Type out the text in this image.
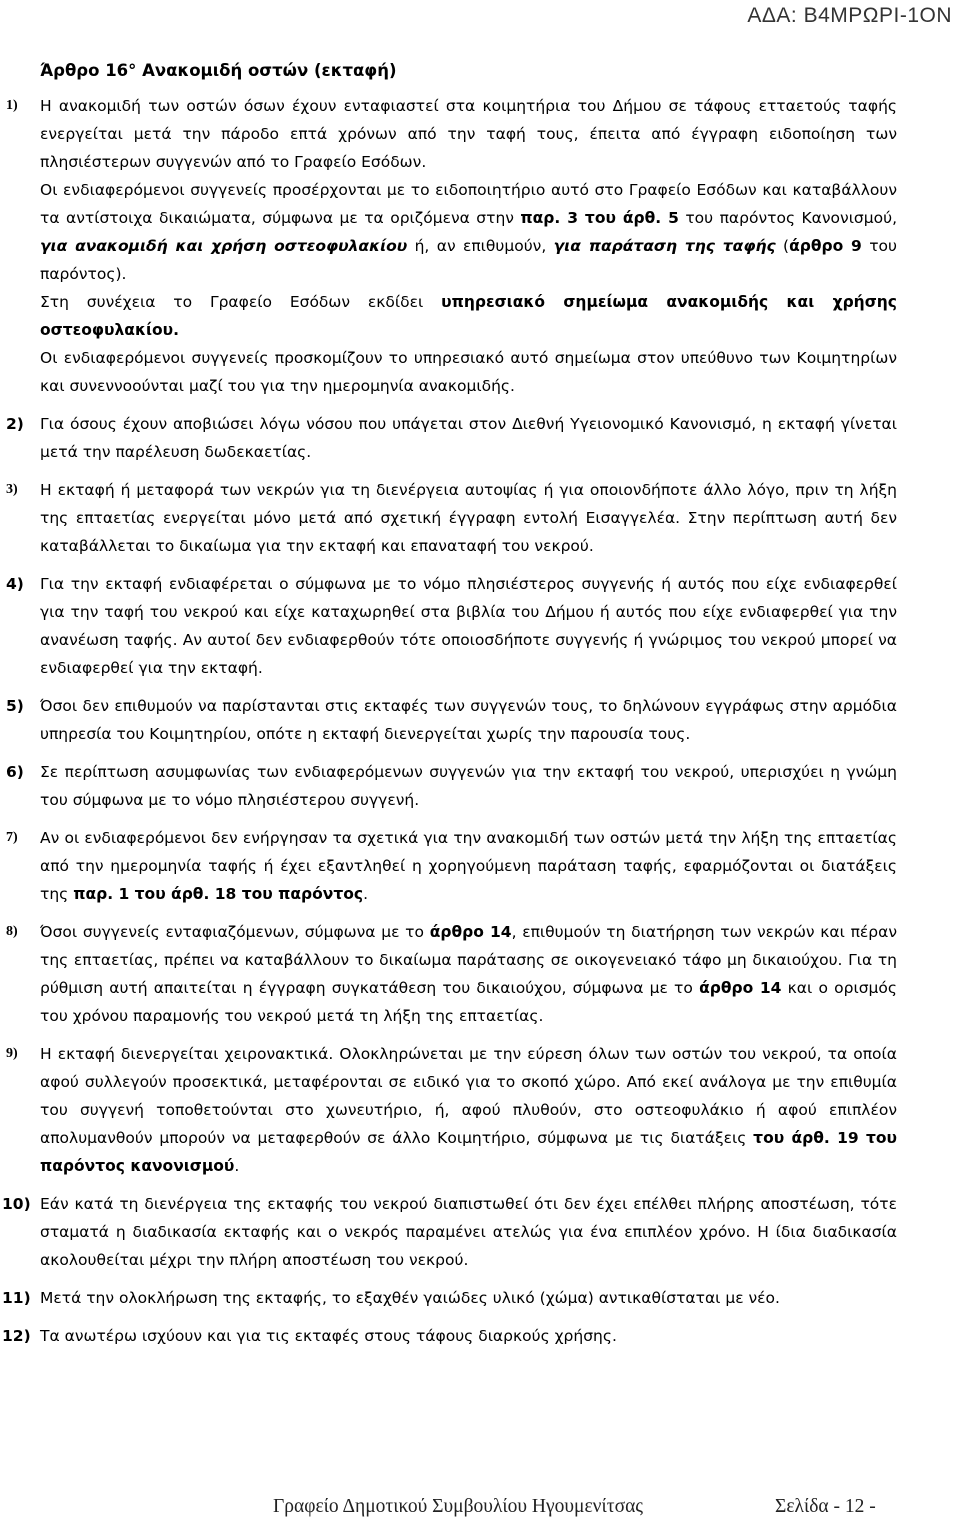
ΑΔΑ: Β4ΜΡΩΡΙ-1ΟΝ
Άρθρο 16° Ανακομιδή οστών (εκταφή)
1) Η ανακομιδή των οστών όσων έχουν ενταφιαστεί στα κοιμητήρια του Δήμου σε τάφους ετταετούς ταφής ενεργείται μετά την πάροδο επτά χρόνων από την ταφή τους, έπειτα από έγγραφη ειδοποίηση των πλησιέστερων συγγενών από το Γραφείο Εσόδων.

Οι ενδιαφερόμενοι συγγενείς προσέρχονται με το ειδοποιητήριο αυτό στο Γραφείο Εσόδων και καταβάλλουν τα αντίστοιχα δικαιώματα, σύμφωνα με τα οριζόμενα στην παρ. 3 του άρθ. 5 του παρόντος Κανονισμού, για ανακομιδή και χρήση οστεοφυλακίου ή, αν επιθυμούν, για παράταση της ταφής (άρθρο 9 του παρόντος).

Στη συνέχεια το Γραφείο Εσόδων εκδίδει υπηρεσιακό σημείωμα ανακομιδής και χρήσης οστεοφυλακίου.

Οι ενδιαφερόμενοι συγγενείς προσκομίζουν το υπηρεσιακό αυτό σημείωμα στον υπεύθυνο των Κοιμητηρίων και συνεννοούνται μαζί του για την ημερομηνία ανακομιδής.

2) Για όσους έχουν αποβιώσει λόγω νόσου που υπάγεται στον Διεθνή Υγειονομικό Κανονισμό, η εκταφή γίνεται μετά την παρέλευση δωδεκαετίας.

3) Η εκταφή ή μεταφορά των νεκρών για τη διενέργεια αυτοψίας ή για οποιονδήποτε άλλο λόγο, πριν τη λήξη της επταετίας ενεργείται μόνο μετά από σχετική έγγραφη εντολή Εισαγγελέα. Στην περίπτωση αυτή δεν καταβάλλεται το δικαίωμα για την εκταφή και επαναταφή του νεκρού.

4) Για την εκταφή ενδιαφέρεται ο σύμφωνα με το νόμο πλησιέστερος συγγενής ή αυτός που είχε ενδιαφερθεί για την ταφή του νεκρού και είχε καταχωρηθεί στα βιβλία του Δήμου ή αυτός που είχε ενδιαφερθεί για την ανανέωση ταφής. Αν αυτοί δεν ενδιαφερθούν τότε οποιοσδήποτε συγγενής ή γνώριμος του νεκρού μπορεί να ενδιαφερθεί για την εκταφή.

5) Όσοι δεν επιθυμούν να παρίστανται στις εκταφές των συγγενών τους, το δηλώνουν εγγράφως στην αρμόδια υπηρεσία του Κοιμητηρίου, οπότε η εκταφή διενεργείται χωρίς την παρουσία τους.

6) Σε περίπτωση ασυμφωνίας των ενδιαφερόμενων συγγενών για την εκταφή του νεκρού, υπερισχύει η γνώμη του σύμφωνα με το νόμο πλησιέστερου συγγενή.

7) Αν οι ενδιαφερόμενοι δεν ενήργησαν τα σχετικά για την ανακομιδή των οστών μετά την λήξη της επταετίας από την ημερομηνία ταφής ή έχει εξαντληθεί η χορηγούμενη παράταση ταφής, εφαρμόζονται οι διατάξεις της παρ. 1 του άρθ. 18 του παρόντος.

8) Όσοι συγγενείς ενταφιαζόμενων, σύμφωνα με το άρθρο 14, επιθυμούν τη διατήρηση των νεκρών και πέραν της επταετίας, πρέπει να καταβάλλουν το δικαίωμα παράτασης σε οικογενειακό τάφο μη δικαιούχου. Για τη ρύθμιση αυτή απαιτείται η έγγραφη συγκατάθεση του δικαιούχου, σύμφωνα με το άρθρο 14 και ο ορισμός του χρόνου παραμονής του νεκρού μετά τη λήξη της επταετίας.

9) Η εκταφή διενεργείται χειρονακτικά. Ολοκληρώνεται με την εύρεση όλων των οστών του νεκρού, τα οποία αφού συλλεγούν προσεκτικά, μεταφέρονται σε ειδικό για το σκοπό χώρο. Από εκεί ανάλογα με την επιθυμία του συγγενή τοποθετούνται στο χωνευτήριο, ή, αφού πλυθούν, στο οστεοφυλάκιο ή αφού επιπλέον απολυμανθούν μπορούν να μεταφερθούν σε άλλο Κοιμητήριο, σύμφωνα με τις διατάξεις του άρθ. 19 του παρόντος κανονισμού.

10) Εάν κατά τη διενέργεια της εκταφής του νεκρού διαπιστωθεί ότι δεν έχει επέλθει πλήρης αποστέωση, τότε σταματά η διαδικασία εκταφής και ο νεκρός παραμένει ατελώς για ένα επιπλέον χρόνο. Η ίδια διαδικασία ακολουθείται μέχρι την πλήρη αποστέωση του νεκρού.

11) Μετά την ολοκλήρωση της εκταφής, το εξαχθέν γαιώδες υλικό (χώμα) αντικαθίσταται με νέο.

12) Τα ανωτέρω ισχύουν και για τις εκταφές στους τάφους διαρκούς χρήσης.

Γραφείο Δημοτικού Συμβουλίου Ηγουμενίτσας	Σελίδα - 12 -
